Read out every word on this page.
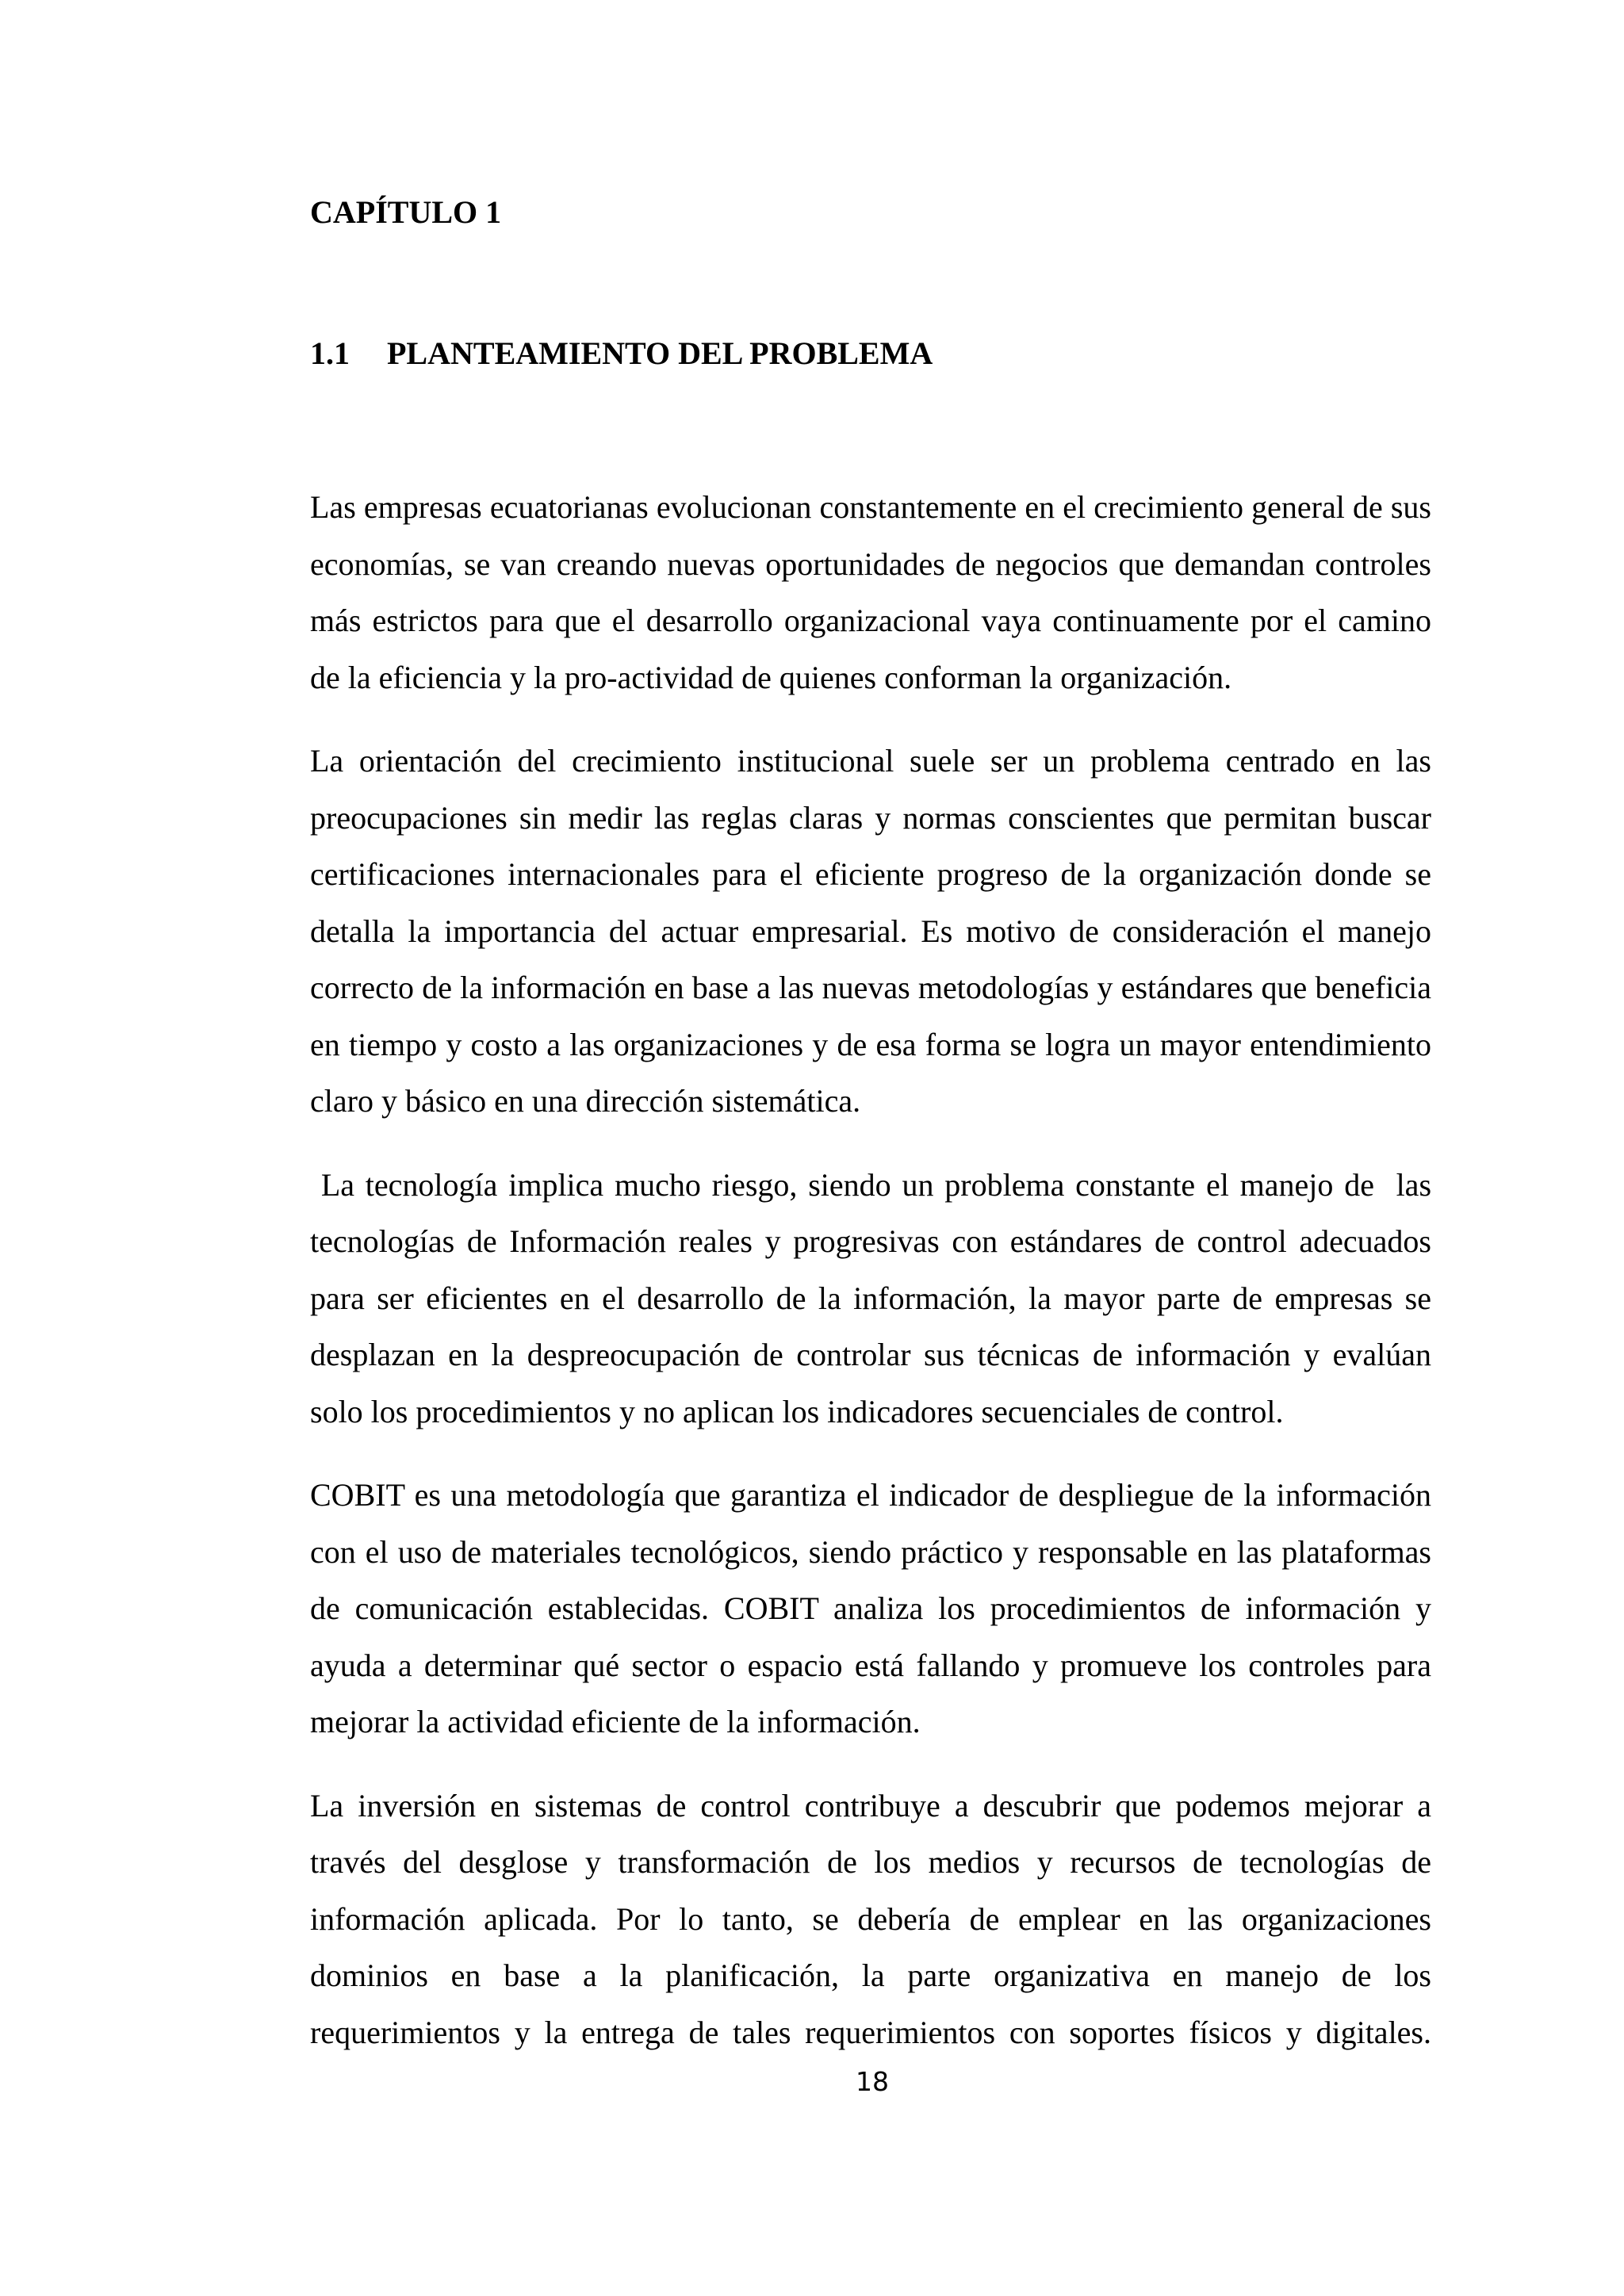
CAPÍTULO 1
1.1 PLANTEAMIENTO DEL PROBLEMA

Las empresas ecuatorianas evolucionan constantemente en el crecimiento general de sus economías, se van creando nuevas oportunidades de negocios que demandan controles más estrictos para que el desarrollo organizacional vaya continuamente por el camino de la eficiencia y la pro-actividad de quienes conforman la organización.

La orientación del crecimiento institucional suele ser un problema centrado en las preocupaciones sin medir las reglas claras y normas conscientes que permitan buscar certificaciones internacionales para el eficiente progreso de la organización donde se detalla la importancia del actuar empresarial. Es motivo de consideración el manejo correcto de la información en base a las nuevas metodologías y estándares que beneficia en tiempo y costo a las organizaciones y de esa forma se logra un mayor entendimiento claro y básico en una dirección sistemática.

La tecnología implica mucho riesgo, siendo un problema constante el manejo de  las tecnologías de Información reales y progresivas con estándares de control adecuados para ser eficientes en el desarrollo de la información, la mayor parte de empresas se desplazan en la despreocupación de controlar sus técnicas de información y evalúan solo los procedimientos y no aplican los indicadores secuenciales de control.

COBIT es una metodología que garantiza el indicador de despliegue de la información con el uso de materiales tecnológicos, siendo práctico y responsable en las plataformas de comunicación establecidas. COBIT analiza los procedimientos de información y ayuda a determinar qué sector o espacio está fallando y promueve los controles para mejorar la actividad eficiente de la información.

La inversión en sistemas de control contribuye a descubrir que podemos mejorar a través del desglose y transformación de los medios y recursos de tecnologías de información aplicada. Por lo tanto, se debería de emplear en las organizaciones dominios en base a la planificación, la parte organizativa en manejo de los requerimientos y la entrega de tales requerimientos con soportes físicos y digitales.

18
